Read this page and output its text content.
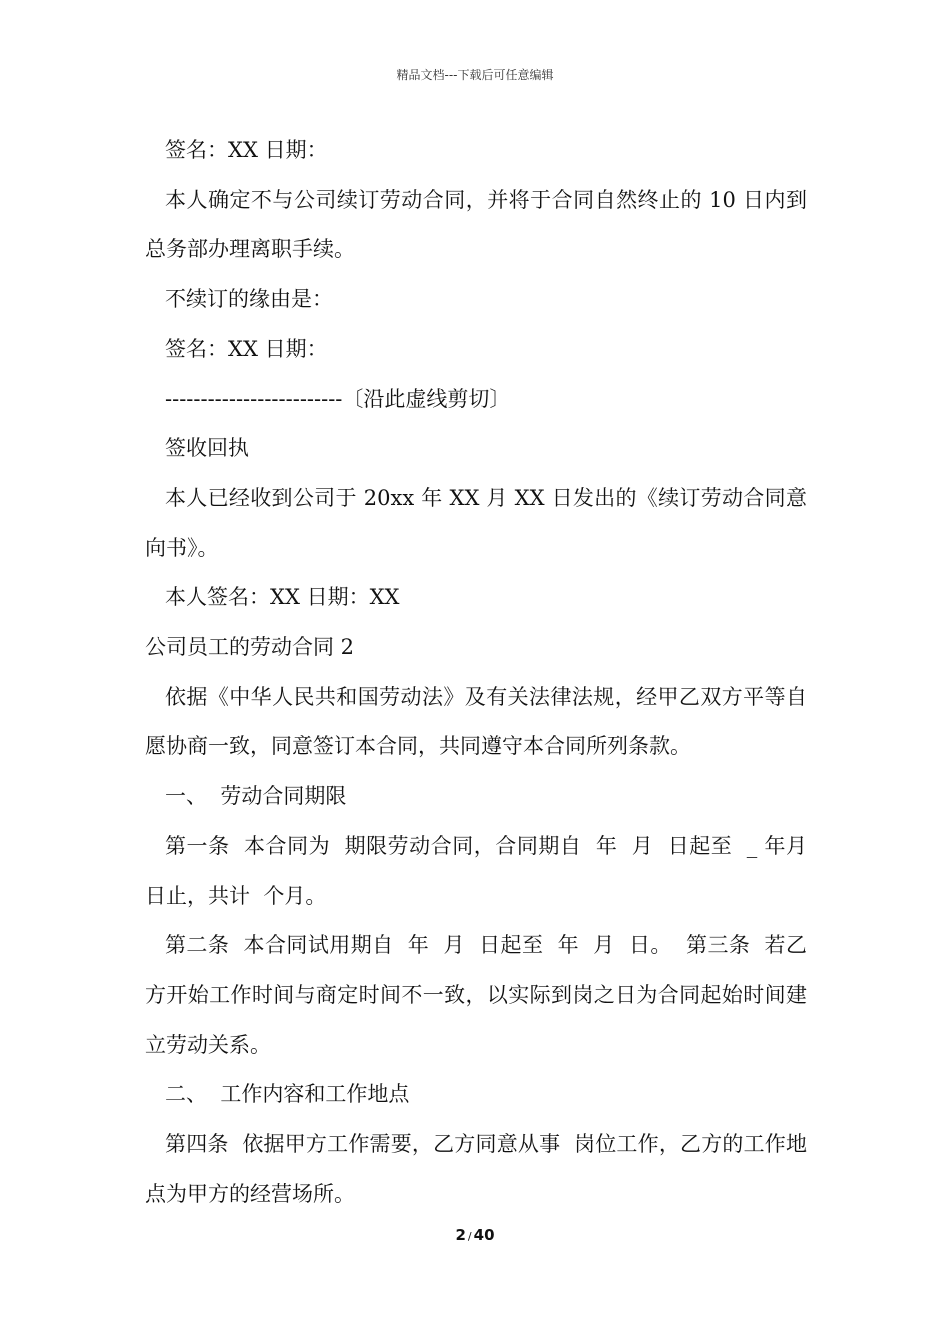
精品文档---下载后可任意编辑

签名：XX 日期：

本人确定不与公司续订劳动合同，并将于合同自然终止的 10 日内到总务部办理离职手续。

不续订的缘由是：

签名：XX 日期：

-------------------------〔沿此虚线剪切〕

签收回执

本人已经收到公司于 20xx 年 XX 月 XX 日发出的《续订劳动合同意向书》。

本人签名：XX 日期：XX

公司员工的劳动合同 2

依据《中华人民共和国劳动法》及有关法律法规，经甲乙双方平等自愿协商一致，同意签订本合同，共同遵守本合同所列条款。

一、  劳动合同期限

第一条  本合同为  期限劳动合同，合同期自  年  月  日起至  _ 年月  日止，共计  个月。

第二条  本合同试用期自  年  月  日起至  年  月  日。  第三条  若乙方开始工作时间与商定时间不一致，以实际到岗之日为合同起始时间建立劳动关系。

二、  工作内容和工作地点

第四条  依据甲方工作需要，乙方同意从事  岗位工作，乙方的工作地点为甲方的经营场所。

2 / 40
